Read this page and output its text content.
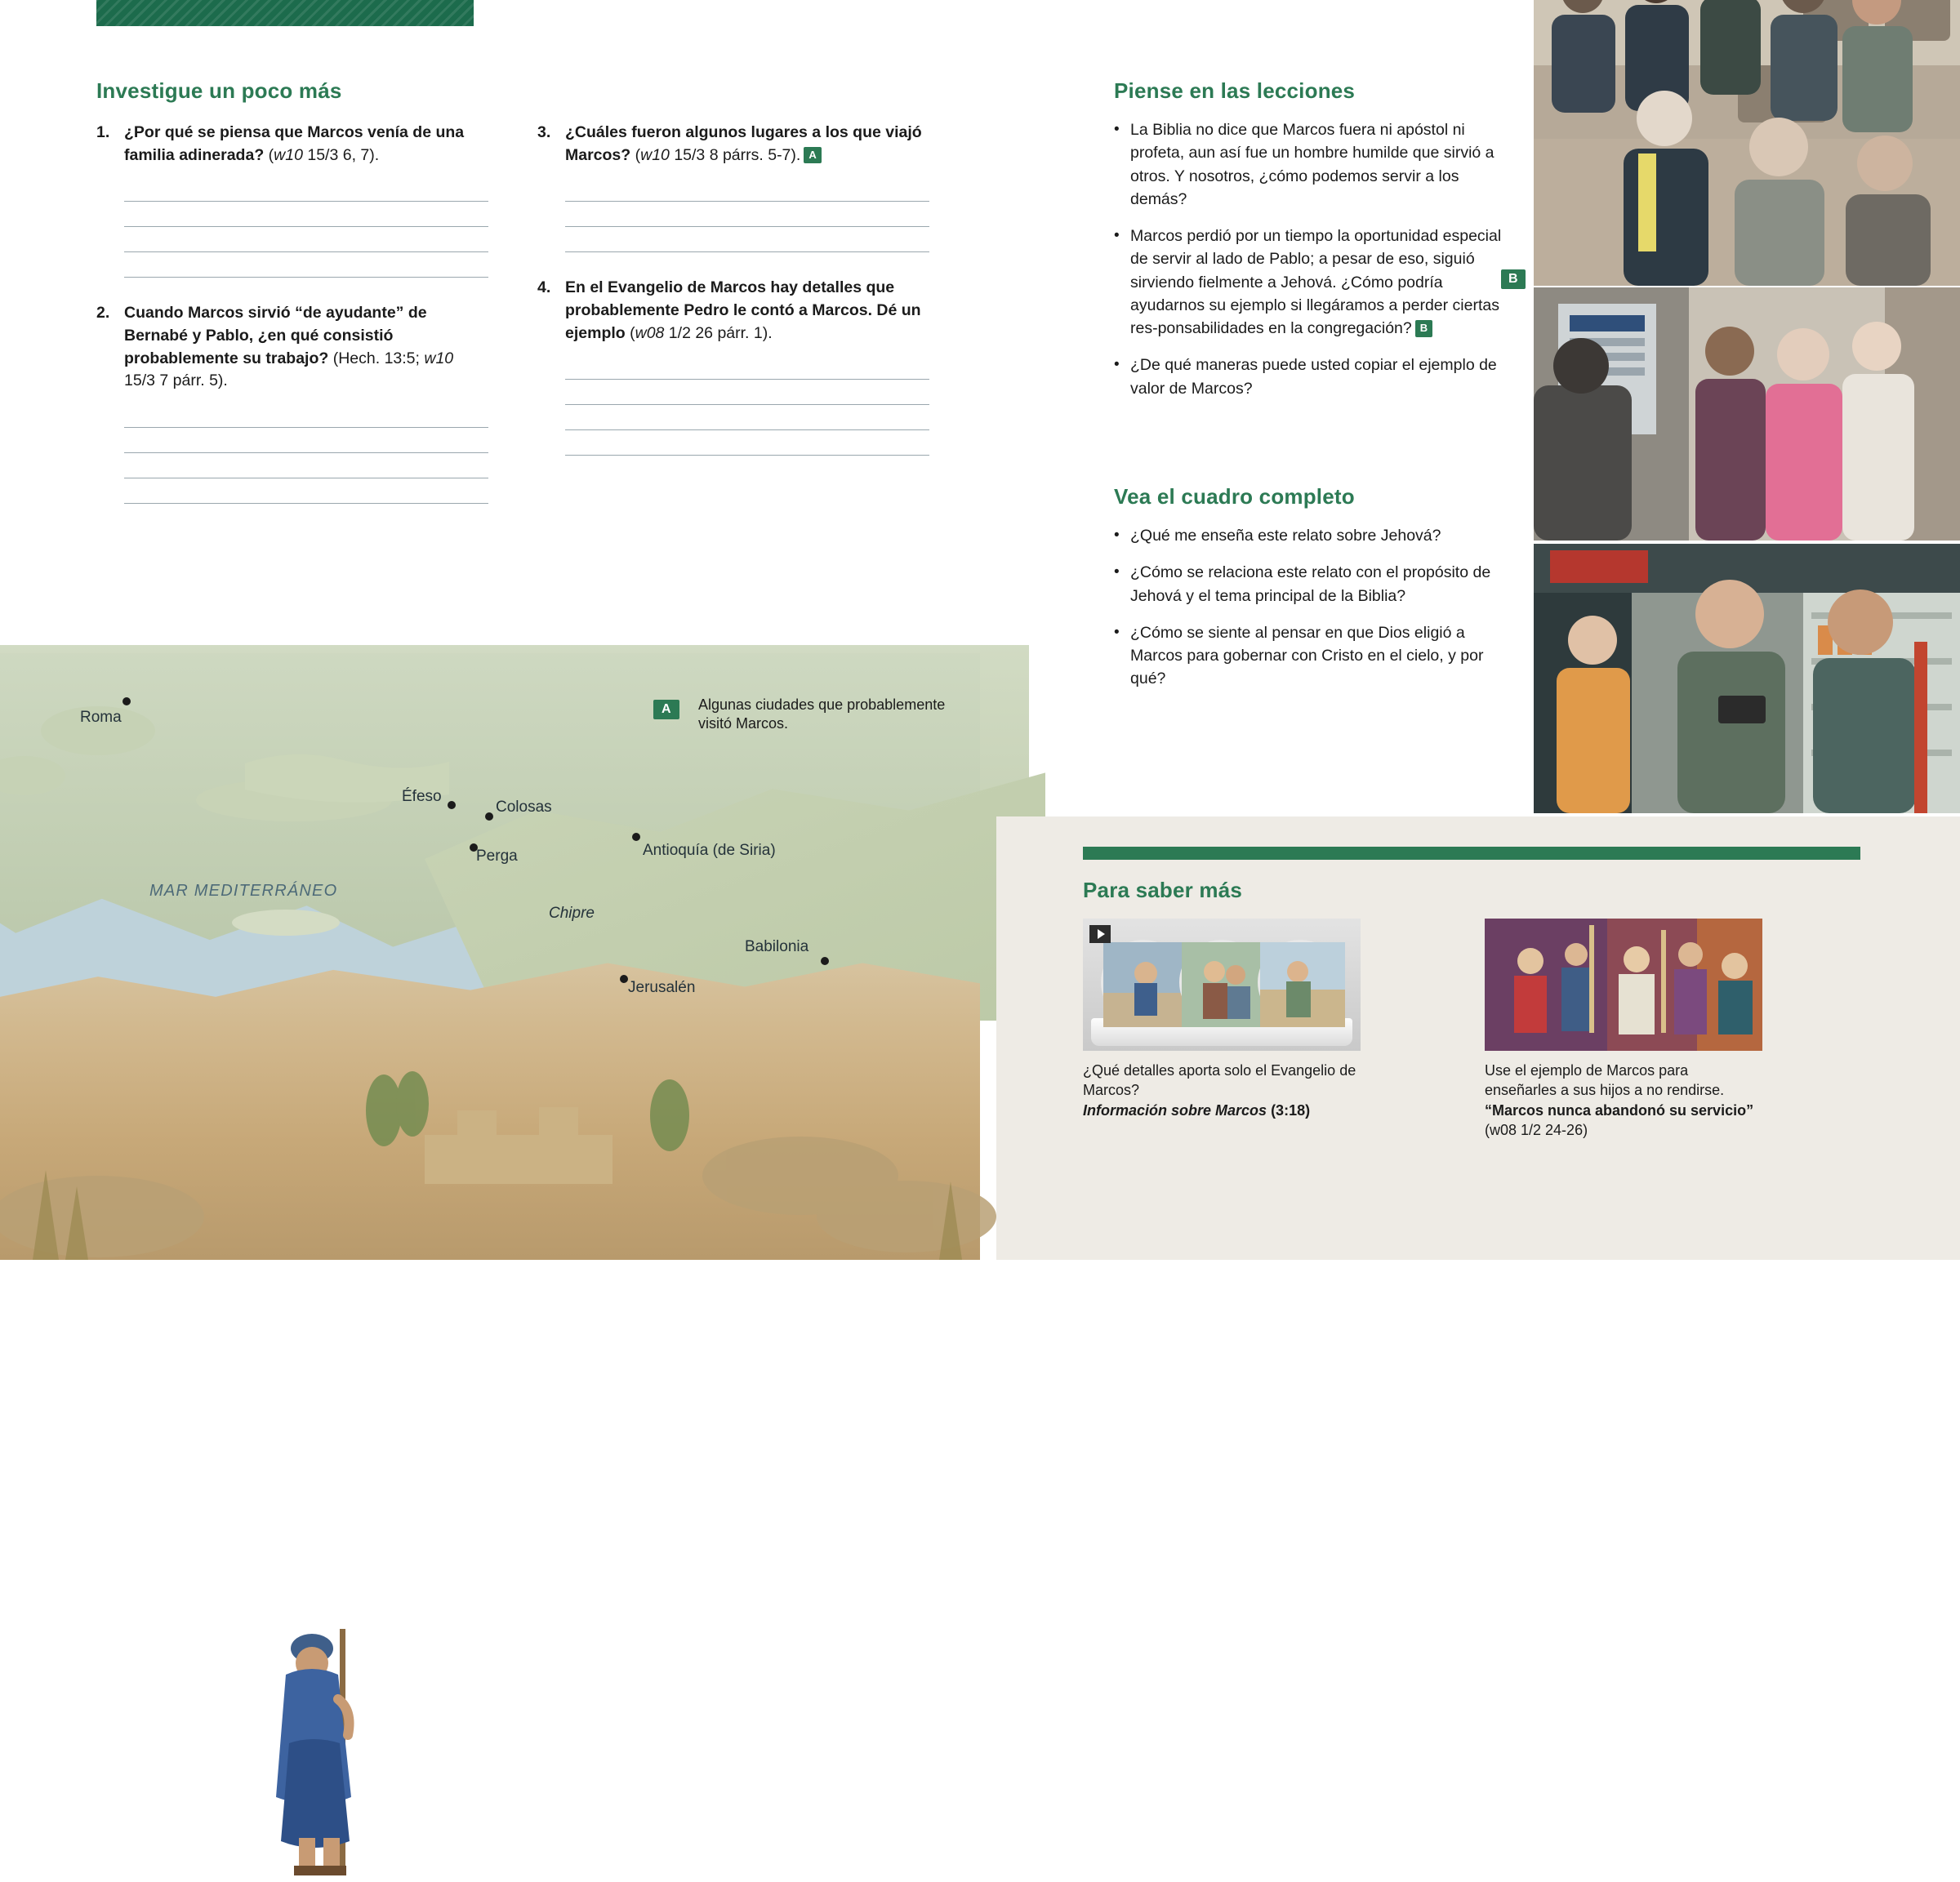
Investigue un poco más
1. ¿Por qué se piensa que Marcos venía de una familia adinerada? (w10 15/3 6, 7).
2. Cuando Marcos sirvió “de ayudante” de Bernabé y Pablo, ¿en qué consistió probablemente su trabajo? (Hech. 13:5; w10 15/3 7 párr. 5).
3. ¿Cuáles fueron algunos lugares a los que viajó Marcos? (w10 15/3 8 párrs. 5-7). A
4. En el Evangelio de Marcos hay detalles que probablemente Pedro le contó a Marcos. Dé un ejemplo (w08 1/2 26 párr. 1).
Piense en las lecciones
• La Biblia no dice que Marcos fuera ni apóstol ni profeta, aun así fue un hombre humilde que sirvió a otros. Y nosotros, ¿cómo podemos servir a los demás?
• Marcos perdió por un tiempo la oportunidad especial de servir al lado de Pablo; a pesar de eso, siguió sirviendo fielmente a Jehová. ¿Cómo podría ayudarnos su ejemplo si llegáramos a perder ciertas res-ponsabilidades en la congregación? B
• ¿De qué maneras puede usted copiar el ejemplo de valor de Marcos?
Vea el cuadro completo
• ¿Qué me enseña este relato sobre Jehová?
• ¿Cómo se relaciona este relato con el propósito de Jehová y el tema principal de la Biblia?
• ¿Cómo se siente al pensar en que Dios eligió a Marcos para gobernar con Cristo en el cielo, y por qué?
B
Roma
Éfeso
Colosas
Perga	Antioquía (de Siria)
Babilonia
Jerusalén
MAR MEDITERRÁNEO
Chipre
A	Algunas ciudades que probablemente visitó Marcos.
Para saber más
¿Qué detalles aporta solo el Evangelio de Marcos?
Información sobre Marcos (3:18)
Use el ejemplo de Marcos para enseñarles a sus hijos a no rendirse.
“Marcos nunca abandonó su servicio”
(w08 1/2 24-26)
